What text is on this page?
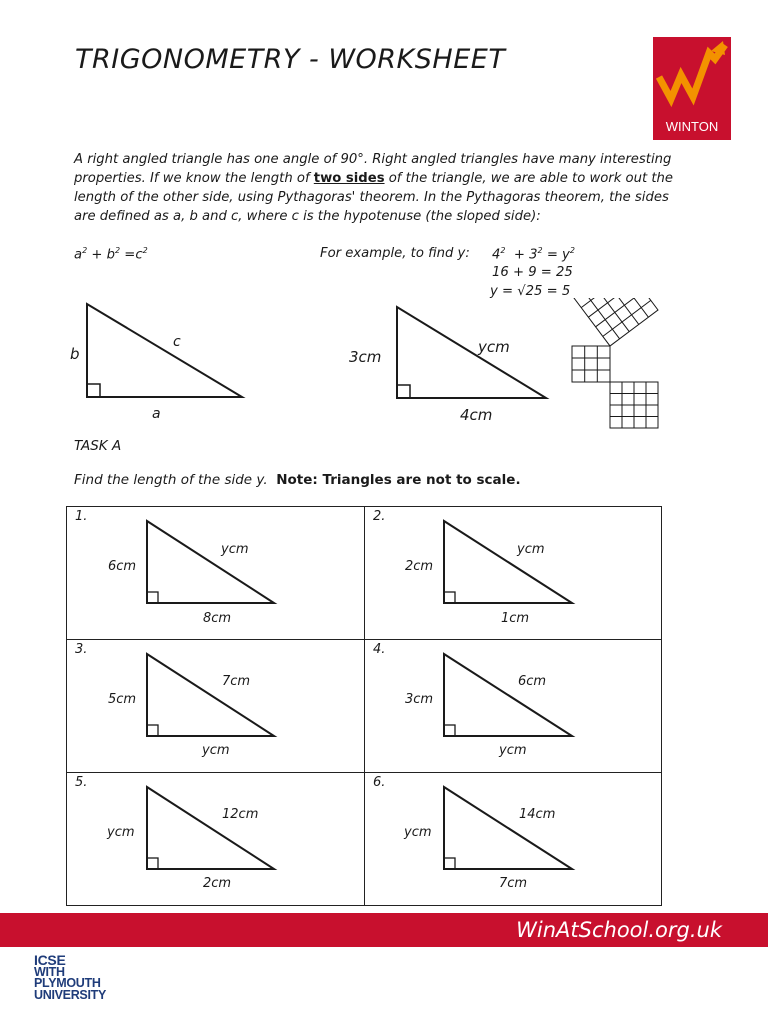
TRIGONOMETRY - WORKSHEET
WINTON
A right angled triangle has one angle of 90°. Right angled triangles have many interesting properties. If we know the length of two sides of the triangle, we are able to work out the length of the other side, using Pythagoras' theorem. In the Pythagoras theorem, the sides are defined as a, b and c, where c is the hypotenuse (the sloped side):
$a^2 + b^2 =c^2$	For example, to find y: $4^2 + 3^2 = y^2$
16 + 9 = 25
y = √25 = 5
b
c
a
3cm
ycm
4cm
TASK A
Find the length of the side y. Note: Triangles are not to scale.
1.
6cm
ycm
8cm
2.
2cm
ycm
1cm
3.
5cm
7cm
ycm
4.
3cm
6cm
ycm
5.
ycm
12cm
2cm
6.
ycm
14cm
7cm
WinAtSchool.org.uk
ICSE
WITH
PLYMOUTH
UNIVERSITY
